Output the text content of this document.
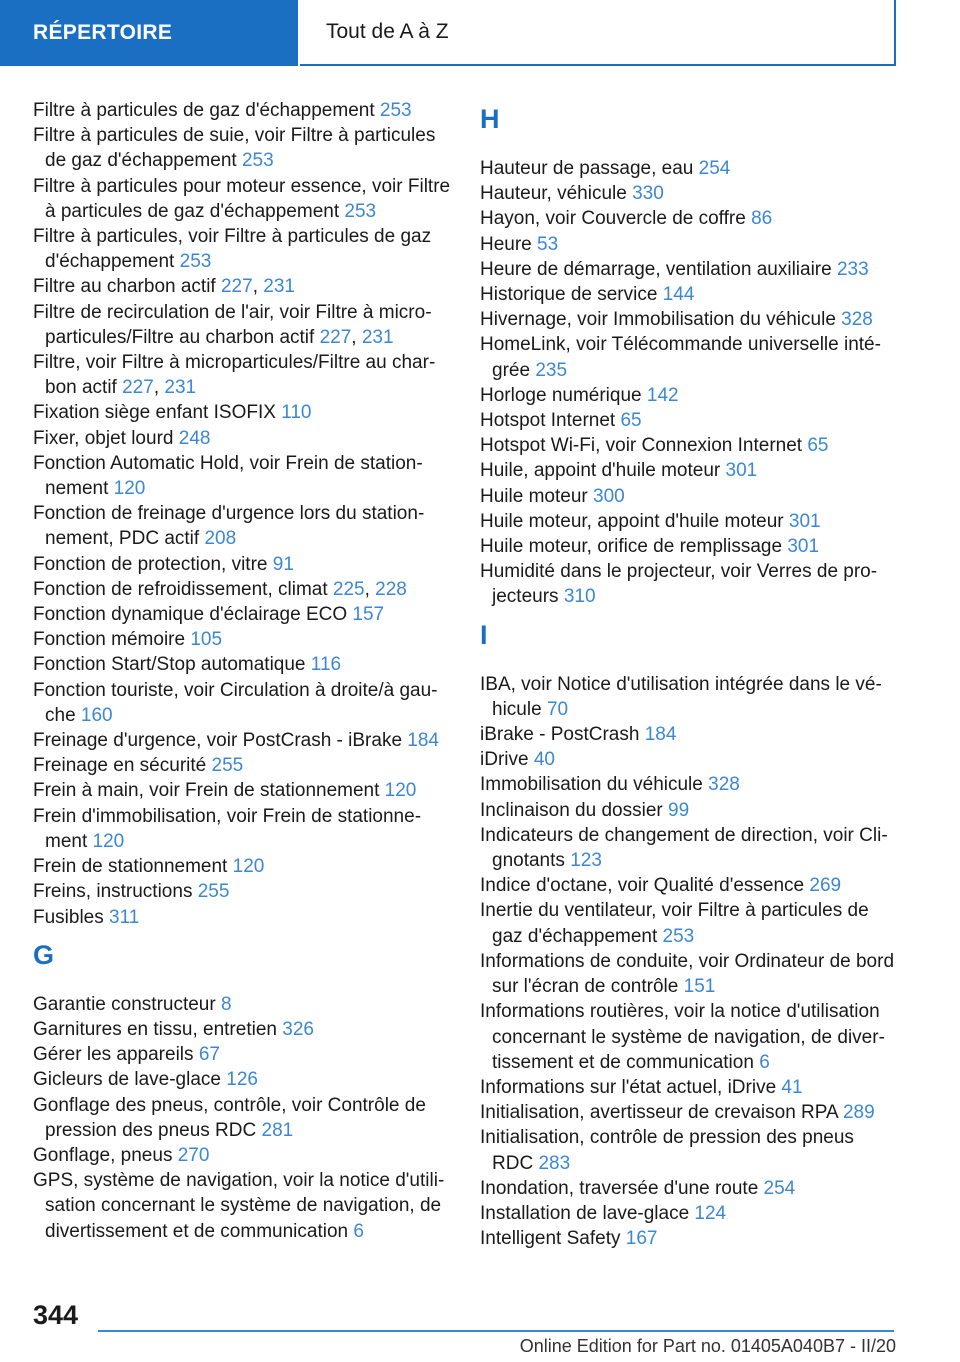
RÉPERTOIRE	Tout de A à Z

Filtre à particules de gaz d'échappement 253

Filtre à particules de suie, voir Filtre à particules de gaz d'échappement 253

Filtre à particules pour moteur essence, voir Filtre à particules de gaz d'échappement 253

Filtre à particules, voir Filtre à particules de gaz d'échappement 253

Filtre au charbon actif 227, 231

Filtre de recirculation de l'air, voir Filtre à microparticules/Filtre au charbon actif 227, 231

Filtre, voir Filtre à microparticules/Filtre au charbon actif 227, 231

Fixation siège enfant ISOFIX 110

Fixer, objet lourd 248

Fonction Automatic Hold, voir Frein de stationnement 120

Fonction de freinage d'urgence lors du stationnement, PDC actif 208

Fonction de protection, vitre 91

Fonction de refroidissement, climat 225, 228

Fonction dynamique d'éclairage ECO 157

Fonction mémoire 105

Fonction Start/Stop automatique 116

Fonction touriste, voir Circulation à droite/à gauche 160

Freinage d'urgence, voir PostCrash - iBrake 184

Freinage en sécurité 255

Frein à main, voir Frein de stationnement 120

Frein d'immobilisation, voir Frein de stationnement 120

Frein de stationnement 120

Freins, instructions 255

Fusibles 311

G

Garantie constructeur 8

Garnitures en tissu, entretien 326

Gérer les appareils 67

Gicleurs de lave-glace 126

Gonflage des pneus, contrôle, voir Contrôle de pression des pneus RDC 281

Gonflage, pneus 270

GPS, système de navigation, voir la notice d'utilisation concernant le système de navigation, de divertissement et de communication 6

H

Hauteur de passage, eau 254

Hauteur, véhicule 330

Hayon, voir Couvercle de coffre 86

Heure 53

Heure de démarrage, ventilation auxiliaire 233

Historique de service 144

Hivernage, voir Immobilisation du véhicule 328

HomeLink, voir Télécommande universelle intégrée 235

Horloge numérique 142

Hotspot Internet 65

Hotspot Wi-Fi, voir Connexion Internet 65

Huile, appoint d'huile moteur 301

Huile moteur 300

Huile moteur, appoint d'huile moteur 301

Huile moteur, orifice de remplissage 301

Humidité dans le projecteur, voir Verres de projecteurs 310

I

IBA, voir Notice d'utilisation intégrée dans le véhicule 70

iBrake - PostCrash 184

iDrive 40

Immobilisation du véhicule 328

Inclinaison du dossier 99

Indicateurs de changement de direction, voir Clignotants 123

Indice d'octane, voir Qualité d'essence 269

Inertie du ventilateur, voir Filtre à particules de gaz d'échappement 253

Informations de conduite, voir Ordinateur de bord sur l'écran de contrôle 151

Informations routières, voir la notice d'utilisation concernant le système de navigation, de divertissement et de communication 6

Informations sur l'état actuel, iDrive 41

Initialisation, avertisseur de crevaison RPA 289

Initialisation, contrôle de pression des pneus RDC 283

Inondation, traversée d'une route 254

Installation de lave-glace 124

Intelligent Safety 167

344
Online Edition for Part no. 01405A040B7 - II/20
